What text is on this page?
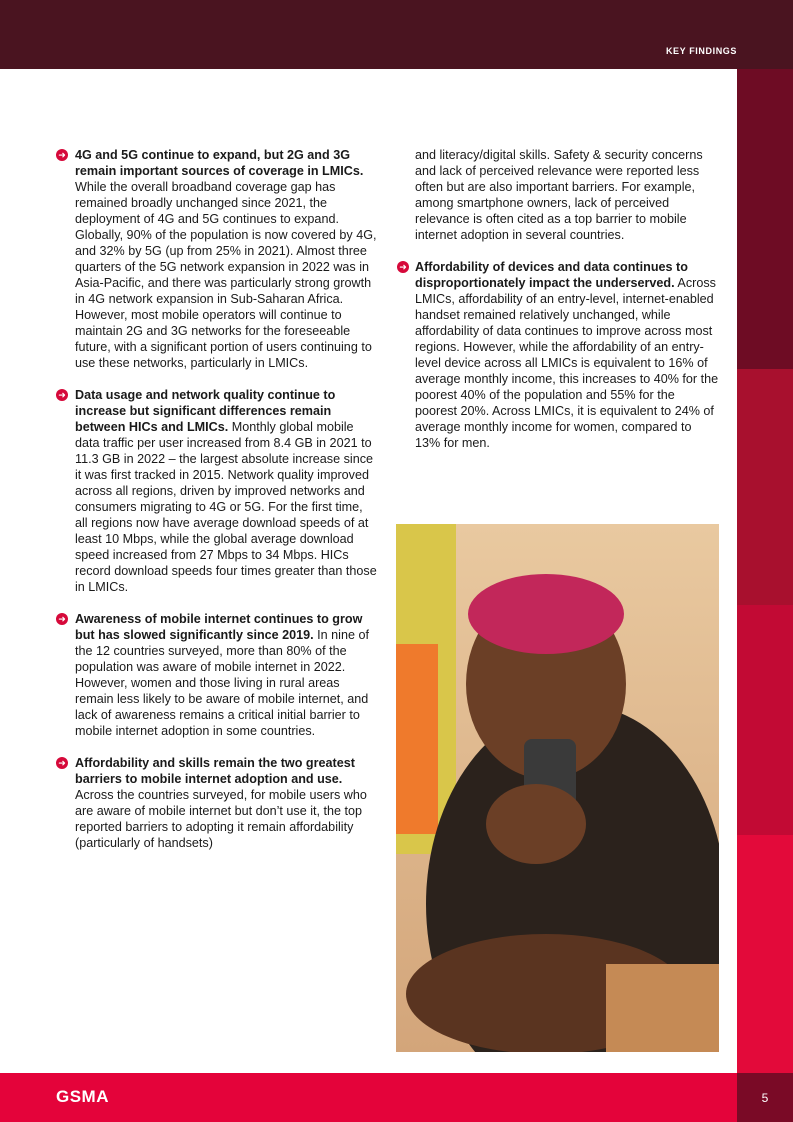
KEY FINDINGS
➜ 4G and 5G continue to expand, but 2G and 3G remain important sources of coverage in LMICs. While the overall broadband coverage gap has remained broadly unchanged since 2021, the deployment of 4G and 5G continues to expand. Globally, 90% of the population is now covered by 4G, and 32% by 5G (up from 25% in 2021). Almost three quarters of the 5G network expansion in 2022 was in Asia-Pacific, and there was particularly strong growth in 4G network expansion in Sub-Saharan Africa. However, most mobile operators will continue to maintain 2G and 3G networks for the foreseeable future, with a significant portion of users continuing to use these networks, particularly in LMICs.
➜ Data usage and network quality continue to increase but significant differences remain between HICs and LMICs. Monthly global mobile data traffic per user increased from 8.4 GB in 2021 to 11.3 GB in 2022 – the largest absolute increase since it was first tracked in 2015. Network quality improved across all regions, driven by improved networks and consumers migrating to 4G or 5G. For the first time, all regions now have average download speeds of at least 10 Mbps, while the global average download speed increased from 27 Mbps to 34 Mbps. HICs record download speeds four times greater than those in LMICs.
➜ Awareness of mobile internet continues to grow but has slowed significantly since 2019. In nine of the 12 countries surveyed, more than 80% of the population was aware of mobile internet in 2022. However, women and those living in rural areas remain less likely to be aware of mobile internet, and lack of awareness remains a critical initial barrier to mobile internet adoption in some countries.
➜ Affordability and skills remain the two greatest barriers to mobile internet adoption and use. Across the countries surveyed, for mobile users who are aware of mobile internet but don’t use it, the top reported barriers to adopting it remain affordability (particularly of handsets)
and literacy/digital skills. Safety & security concerns and lack of perceived relevance were reported less often but are also important barriers. For example, among smartphone owners, lack of perceived relevance is often cited as a top barrier to mobile internet adoption in several countries.
➜ Affordability of devices and data continues to disproportionately impact the underserved. Across LMICs, affordability of an entry-level, internet-enabled handset remained relatively unchanged, while affordability of data continues to improve across most regions. However, while the affordability of an entry-level device across all LMICs is equivalent to 16% of average monthly income, this increases to 40% for the poorest 40% of the population and 55% for the poorest 20%. Across LMICs, it is equivalent to 24% of average monthly income for women, compared to 13% for men.
GSMA	5
